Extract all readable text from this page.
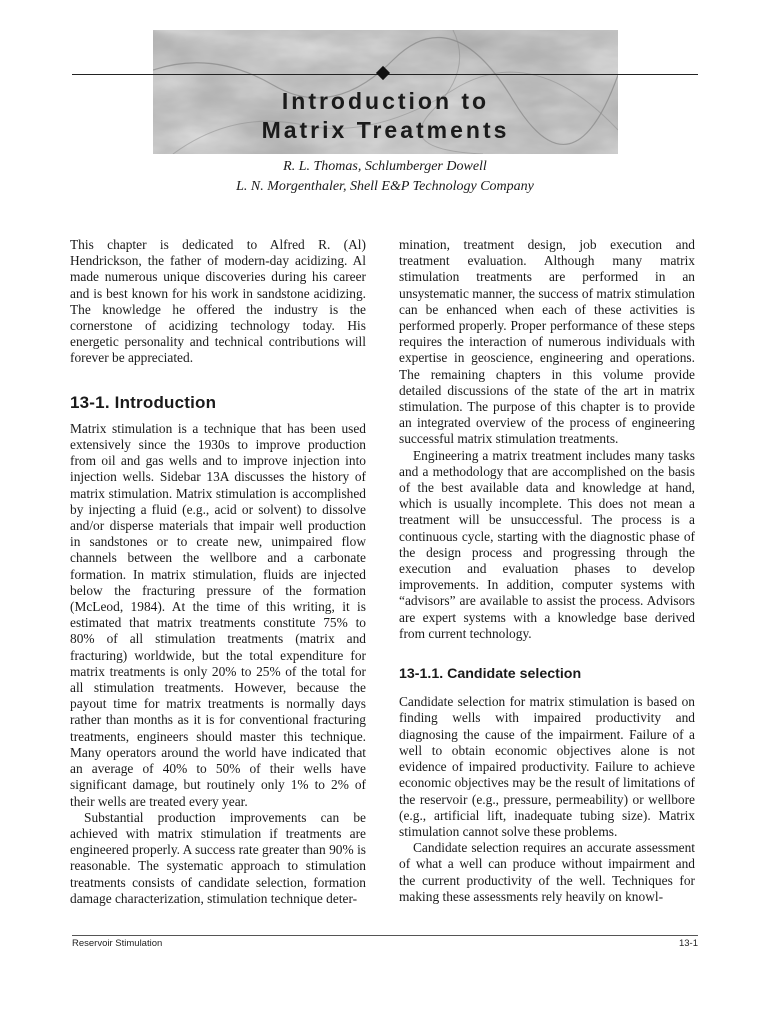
Introduction to
Matrix Treatments
R. L. Thomas, Schlumberger Dowell
L. N. Morgenthaler, Shell E&P Technology Company

This chapter is dedicated to Alfred R. (Al) Hendrickson, the father of modern-day acidizing. Al made numerous unique discoveries during his career and is best known for his work in sandstone acidizing. The knowledge he offered the industry is the cornerstone of acidizing technology today. His energetic personality and technical contributions will forever be appreciated.

13-1. Introduction

Matrix stimulation is a technique that has been used extensively since the 1930s to improve production from oil and gas wells and to improve injection into injection wells. Sidebar 13A discusses the history of matrix stimulation. Matrix stimulation is accomplished by injecting a fluid (e.g., acid or solvent) to dissolve and/or disperse materials that impair well production in sandstones or to create new, unimpaired flow channels between the wellbore and a carbonate formation. In matrix stimulation, fluids are injected below the fracturing pressure of the formation (McLeod, 1984). At the time of this writing, it is estimated that matrix treatments constitute 75% to 80% of all stimulation treatments (matrix and fracturing) worldwide, but the total expenditure for matrix treatments is only 20% to 25% of the total for all stimulation treatments. However, because the payout time for matrix treatments is normally days rather than months as it is for conventional fracturing treatments, engineers should master this technique. Many operators around the world have indicated that an average of 40% to 50% of their wells have significant damage, but routinely only 1% to 2% of their wells are treated every year.

Substantial production improvements can be achieved with matrix stimulation if treatments are engineered properly. A success rate greater than 90% is reasonable. The systematic approach to stimulation treatments consists of candidate selection, formation damage characterization, stimulation technique deter-

mination, treatment design, job execution and treatment evaluation. Although many matrix stimulation treatments are performed in an unsystematic manner, the success of matrix stimulation can be enhanced when each of these activities is performed properly. Proper performance of these steps requires the interaction of numerous individuals with expertise in geoscience, engineering and operations. The remaining chapters in this volume provide detailed discussions of the state of the art in matrix stimulation. The purpose of this chapter is to provide an integrated overview of the process of engineering successful matrix stimulation treatments.

Engineering a matrix treatment includes many tasks and a methodology that are accomplished on the basis of the best available data and knowledge at hand, which is usually incomplete. This does not mean a treatment will be unsuccessful. The process is a continuous cycle, starting with the diagnostic phase of the design process and progressing through the execution and evaluation phases to develop improvements. In addition, computer systems with “advisors” are available to assist the process. Advisors are expert systems with a knowledge base derived from current technology.

13-1.1. Candidate selection

Candidate selection for matrix stimulation is based on finding wells with impaired productivity and diagnosing the cause of the impairment. Failure of a well to obtain economic objectives alone is not evidence of impaired productivity. Failure to achieve economic objectives may be the result of limitations of the reservoir (e.g., pressure, permeability) or wellbore (e.g., artificial lift, inadequate tubing size). Matrix stimulation cannot solve these problems.

Candidate selection requires an accurate assessment of what a well can produce without impairment and the current productivity of the well. Techniques for making these assessments rely heavily on knowl-

Reservoir Stimulation	13-1
